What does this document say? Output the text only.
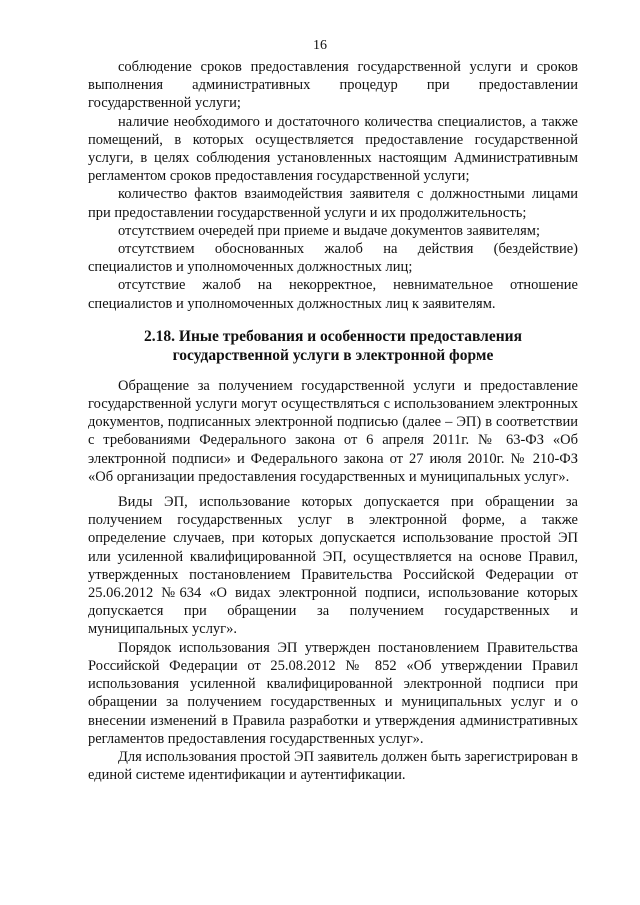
16

соблюдение сроков предоставления государственной услуги и сроков выполнения административных процедур при предоставлении государственной услуги;

наличие необходимого и достаточного количества специалистов, а также помещений, в которых осуществляется предоставление государственной услуги, в целях соблюдения установленных настоящим Административным регламентом сроков предоставления государственной услуги;

количество фактов взаимодействия заявителя с должностными лицами при предоставлении государственной услуги и их продолжительность;

отсутствием очередей при приеме и выдаче документов заявителям;

отсутствием обоснованных жалоб на действия (бездействие) специалистов и уполномоченных должностных лиц;

отсутствие жалоб на некорректное, невнимательное отношение специалистов и уполномоченных должностных лиц к заявителям.

2.18. Иные требования и особенности предоставления государственной услуги в электронной форме

Обращение за получением государственной услуги и предоставление государственной услуги могут осуществляться с использованием электронных документов, подписанных электронной подписью (далее – ЭП) в соответствии с требованиями Федерального закона от 6 апреля 2011г. № 63-ФЗ «Об электронной подписи» и Федерального закона от 27 июля 2010г. № 210-ФЗ «Об организации предоставления государственных и муниципальных услуг».

Виды ЭП, использование которых допускается при обращении за получением государственных услуг в электронной форме, а также определение случаев, при которых допускается использование простой ЭП или усиленной квалифицированной ЭП, осуществляется на основе Правил, утвержденных постановлением Правительства Российской Федерации от 25.06.2012 №634 «О видах электронной подписи, использование которых допускается при обращении за получением государственных и муниципальных услуг».

Порядок использования ЭП утвержден постановлением Правительства Российской Федерации от 25.08.2012 № 852 «Об утверждении Правил использования усиленной квалифицированной электронной подписи при обращении за получением государственных и муниципальных услуг и о внесении изменений в Правила разработки и утверждения административных регламентов предоставления государственных услуг».

Для использования простой ЭП заявитель должен быть зарегистрирован в единой системе идентификации и аутентификации.
